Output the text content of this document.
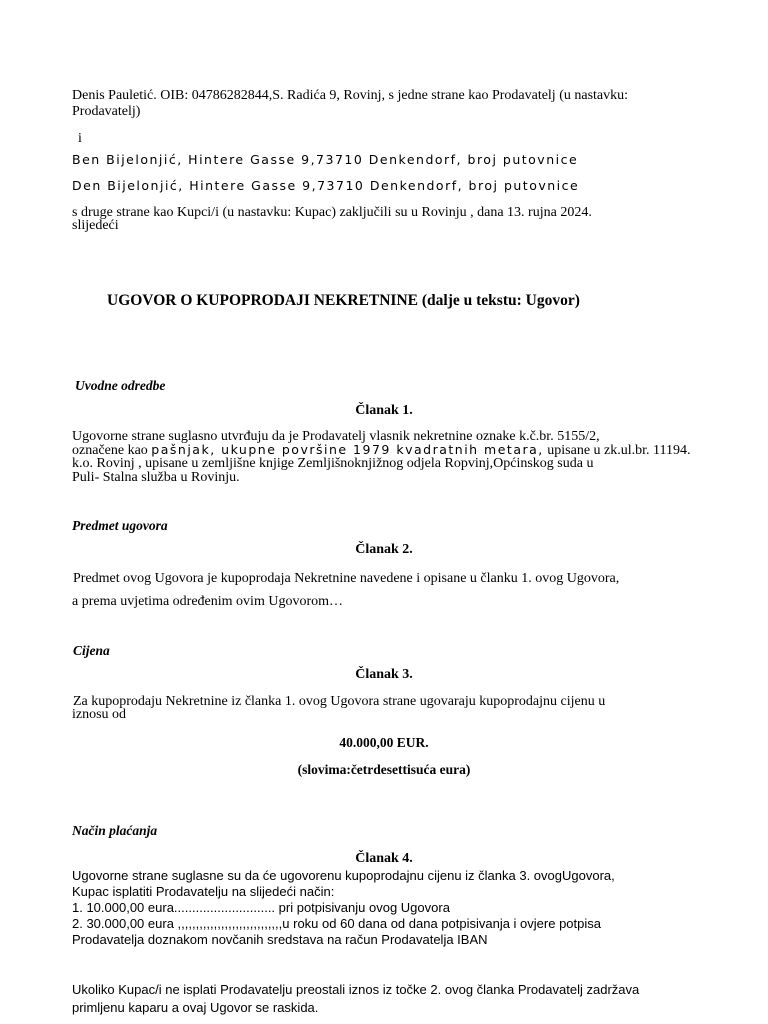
Denis Pauletić. OIB: 04786282844,S. Radića 9, Rovinj, s jedne strane kao Prodavatelj (u nastavku:
Prodavatelj)
i
Ben Bijelonjić, Hintere Gasse 9,73710 Denkendorf, broj putovnice
Den Bijelonjić, Hintere Gasse 9,73710 Denkendorf, broj putovnice
s druge strane kao Kupci/i (u nastavku: Kupac) zaključili su u Rovinju , dana 13. rujna 2024.
slijedeći
UGOVOR O KUPOPRODAJI NEKRETNINE (dalje u tekstu: Ugovor)
Uvodne odredbe
Članak 1.
Ugovorne strane suglasno utvrđuju da je Prodavatelj vlasnik nekretnine oznake k.č.br. 5155/2,
označene kao pašnjak, ukupne površine 1979 kvadratnih metara, upisane u zk.ul.br. 11194.
k.o. Rovinj , upisane u zemljišne knjige Zemljišnoknjižnog odjela Ropvinj,Općinskog suda u
Puli- Stalna služba u Rovinju.
Predmet ugovora
Članak 2.
Predmet ovog Ugovora je kupoprodaja Nekretnine navedene i opisane u članku 1. ovog Ugovora,
a prema uvjetima određenim ovim Ugovorom…
Cijena
Članak 3.
Za kupoprodaju Nekretnine iz članka 1. ovog Ugovora strane ugovaraju kupoprodajnu cijenu u
iznosu od
40.000,00 EUR.
(slovima:četrdesettisuća eura)
Način plaćanja
Članak 4.
Ugovorne strane suglasne su da će ugovorenu kupoprodajnu cijenu iz članka 3. ovogUgovora,
Kupac isplatiti Prodavatelju na slijedeći način:
1. 10.000,00 eura............................ pri potpisivanju ovog Ugovora
2. 30.000,00 eura ,,,,,,,,,,,,,,,,,,,,,,,,,,,,,u roku od 60 dana od dana potpisivanja i ovjere potpisa
Prodavatelja doznakom novčanih sredstava na račun Prodavatelja IBAN
Ukoliko Kupac/i ne isplati Prodavatelju preostali iznos iz točke 2. ovog članka Prodavatelj zadržava
primljenu kaparu a ovaj Ugovor se raskida.
